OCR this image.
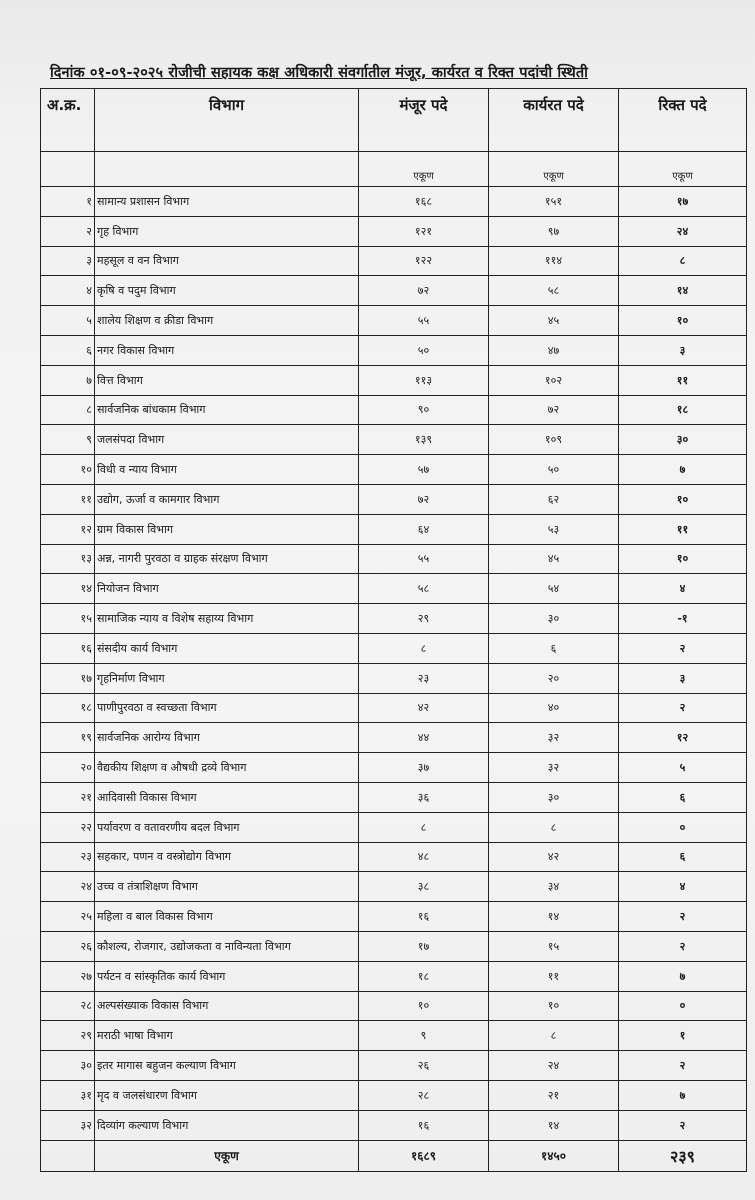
दिनांक ०१-०९-२०२५ रोजीची सहायक कक्ष अधिकारी संवर्गातील मंजूर, कार्यरत व रिक्त पदांची स्थिती
अ.क्र.	विभाग	मंजूर पदे	कार्यरत पदे	रिक्त पदे
		एकूण	एकूण	एकूण
१	सामान्य प्रशासन विभाग	१६८	१५१	१७
२	गृह विभाग	१२१	९७	२४
३	महसूल व वन विभाग	१२२	११४	८
४	कृषि व पदुम विभाग	७२	५८	१४
५	शालेय शिक्षण व क्रीडा विभाग	५५	४५	१०
६	नगर विकास विभाग	५०	४७	३
७	वित्त विभाग	११३	१०२	११
८	सार्वजनिक बांधकाम विभाग	९०	७२	१८
९	जलसंपदा विभाग	१३९	१०९	३०
१०	विधी व न्याय विभाग	५७	५०	७
११	उद्योग, ऊर्जा व कामगार विभाग	७२	६२	१०
१२	ग्राम विकास विभाग	६४	५३	११
१३	अन्न, नागरी पुरवठा व ग्राहक संरक्षण विभाग	५५	४५	१०
१४	नियोजन विभाग	५८	५४	४
१५	सामाजिक न्याय व विशेष सहाय्य विभाग	२९	३०	-१
१६	संसदीय कार्य विभाग	८	६	२
१७	गृहनिर्माण विभाग	२३	२०	३
१८	पाणीपुरवठा व स्वच्छता विभाग	४२	४०	२
१९	सार्वजनिक आरोग्य विभाग	४४	३२	१२
२०	वैद्यकीय शिक्षण व औषधी द्रव्ये विभाग	३७	३२	५
२१	आदिवासी विकास विभाग	३६	३०	६
२२	पर्यावरण व वतावरणीय बदल विभाग	८	८	०
२३	सहकार, पणन व वस्त्रोद्योग विभाग	४८	४२	६
२४	उच्च व तंत्राशिक्षण विभाग	३८	३४	४
२५	महिला व बाल विकास विभाग	१६	१४	२
२६	कौशल्य, रोजगार, उद्योजकता व नाविन्यता विभाग	१७	१५	२
२७	पर्यटन व सांस्कृतिक कार्य विभाग	१८	११	७
२८	अल्पसंख्याक विकास विभाग	१०	१०	०
२९	मराठी भाषा विभाग	९	८	१
३०	इतर मागास बहुजन कल्याण विभाग	२६	२४	२
३१	मृद व जलसंधारण विभाग	२८	२१	७
३२	दिव्यांग कल्याण विभाग	१६	१४	२
	एकूण	१६८९	१४५०	२३९
